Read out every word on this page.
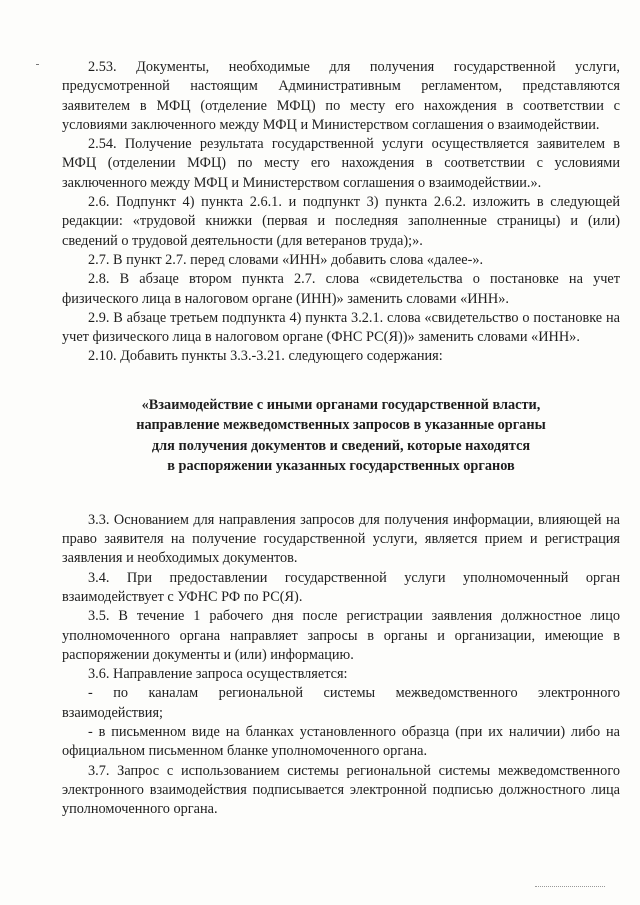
2.53. Документы, необходимые для получения государственной услуги, предусмотренной настоящим Административным регламентом, представляются заявителем в МФЦ (отделение МФЦ) по месту его нахождения в соответствии с условиями заключенного между МФЦ и Министерством соглашения о взаимодействии.

2.54. Получение результата государственной услуги осуществляется заявителем в МФЦ (отделении МФЦ) по месту его нахождения в соответствии с условиями заключенного между МФЦ и Министерством соглашения о взаимодействии.».

2.6. Подпункт 4) пункта 2.6.1. и подпункт 3) пункта 2.6.2. изложить в следующей редакции: «трудовой книжки (первая и последняя заполненные страницы) и (или) сведений о трудовой деятельности (для ветеранов труда);».

2.7. В пункт 2.7. перед словами «ИНН» добавить слова «далее-».

2.8. В абзаце втором пункта 2.7. слова «свидетельства о постановке на учет физического лица в налоговом органе (ИНН)» заменить словами «ИНН».

2.9. В абзаце третьем подпункта 4) пункта 3.2.1. слова «свидетельство о постановке на учет физического лица в налоговом органе (ФНС РС(Я))» заменить словами «ИНН».

2.10. Добавить пункты 3.3.-3.21. следующего содержания:

«Взаимодействие с иными органами государственной власти,
направление межведомственных запросов в указанные органы
для получения документов и сведений, которые находятся
в распоряжении указанных государственных органов

3.3. Основанием для направления запросов для получения информации, влияющей на право заявителя на получение государственной услуги, является прием и регистрация заявления и необходимых документов.

3.4. При предоставлении государственной услуги уполномоченный орган взаимодействует с УФНС РФ по РС(Я).

3.5. В течение 1 рабочего дня после регистрации заявления должностное лицо уполномоченного органа направляет запросы в органы и организации, имеющие в распоряжении документы и (или) информацию.

3.6. Направление запроса осуществляется:

- по каналам региональной системы межведомственного электронного взаимодействия;

- в письменном виде на бланках установленного образца (при их наличии) либо на официальном письменном бланке уполномоченного органа.

3.7. Запрос с использованием системы региональной системы межведомственного электронного взаимодействия подписывается электронной подписью должностного лица уполномоченного органа.
